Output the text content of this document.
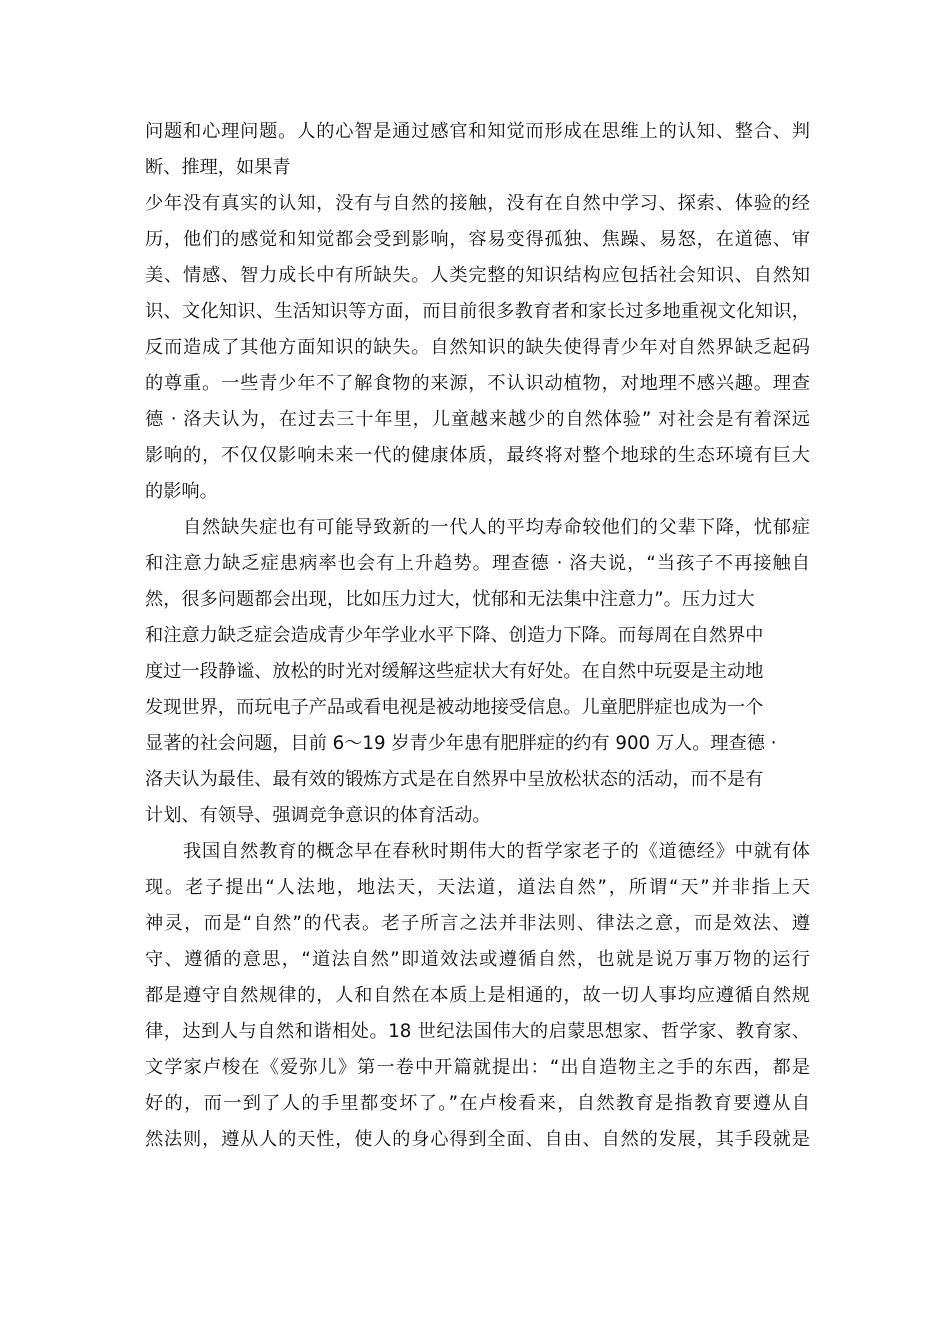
问题和心理问题。人的心智是通过感官和知觉而形成在思维上的认知、整合、判
断、推理，如果青
少年没有真实的认知，没有与自然的接触，没有在自然中学习、探索、体验的经
历，他们的感觉和知觉都会受到影响，容易变得孤独、焦躁、易怒，在道德、审
美、情感、智力成长中有所缺失。人类完整的知识结构应包括社会知识、自然知
识、文化知识、生活知识等方面，而目前很多教育者和家长过多地重视文化知识，
反而造成了其他方面知识的缺失。自然知识的缺失使得青少年对自然界缺乏起码
的尊重。一些青少年不了解食物的来源，不认识动植物，对地理不感兴趣。理查
德 · 洛夫认为，在过去三十年里，儿童越来越少的自然体验” 对社会是有着深远
影响的，不仅仅影响未来一代的健康体质，最终将对整个地球的生态环境有巨大
的影响。
自然缺失症也有可能导致新的一代人的平均寿命较他们的父辈下降，忧郁症
和注意力缺乏症患病率也会有上升趋势。理查德 · 洛夫说，“当孩子不再接触自
然，很多问题都会出现，比如压力过大，忧郁和无法集中注意力”。压力过大
和注意力缺乏症会造成青少年学业水平下降、创造力下降。而每周在自然界中
度过一段静谧、放松的时光对缓解这些症状大有好处。在自然中玩耍是主动地
发现世界，而玩电子产品或看电视是被动地接受信息。儿童肥胖症也成为一个
显著的社会问题，目前 6～19 岁青少年患有肥胖症的约有 900 万人。理查德 ·
洛夫认为最佳、最有效的锻炼方式是在自然界中呈放松状态的活动，而不是有
计划、有领导、强调竞争意识的体育活动。
我国自然教育的概念早在春秋时期伟大的哲学家老子的《道德经》中就有体
现。老子提出“人法地，地法天，天法道，道法自然”，所谓“天”并非指上天
神灵，而是“自然”的代表。老子所言之法并非法则、律法之意，而是效法、遵
守、遵循的意思，“道法自然”即道效法或遵循自然，也就是说万事万物的运行
都是遵守自然规律的，人和自然在本质上是相通的，故一切人事均应遵循自然规
律，达到人与自然和谐相处。18 世纪法国伟大的启蒙思想家、哲学家、教育家、
文学家卢梭在《爱弥儿》第一卷中开篇就提出：“出自造物主之手的东西，都是
好的，而一到了人的手里都变坏了。”在卢梭看来，自然教育是指教育要遵从自
然法则，遵从人的天性，使人的身心得到全面、自由、自然的发展，其手段就是
